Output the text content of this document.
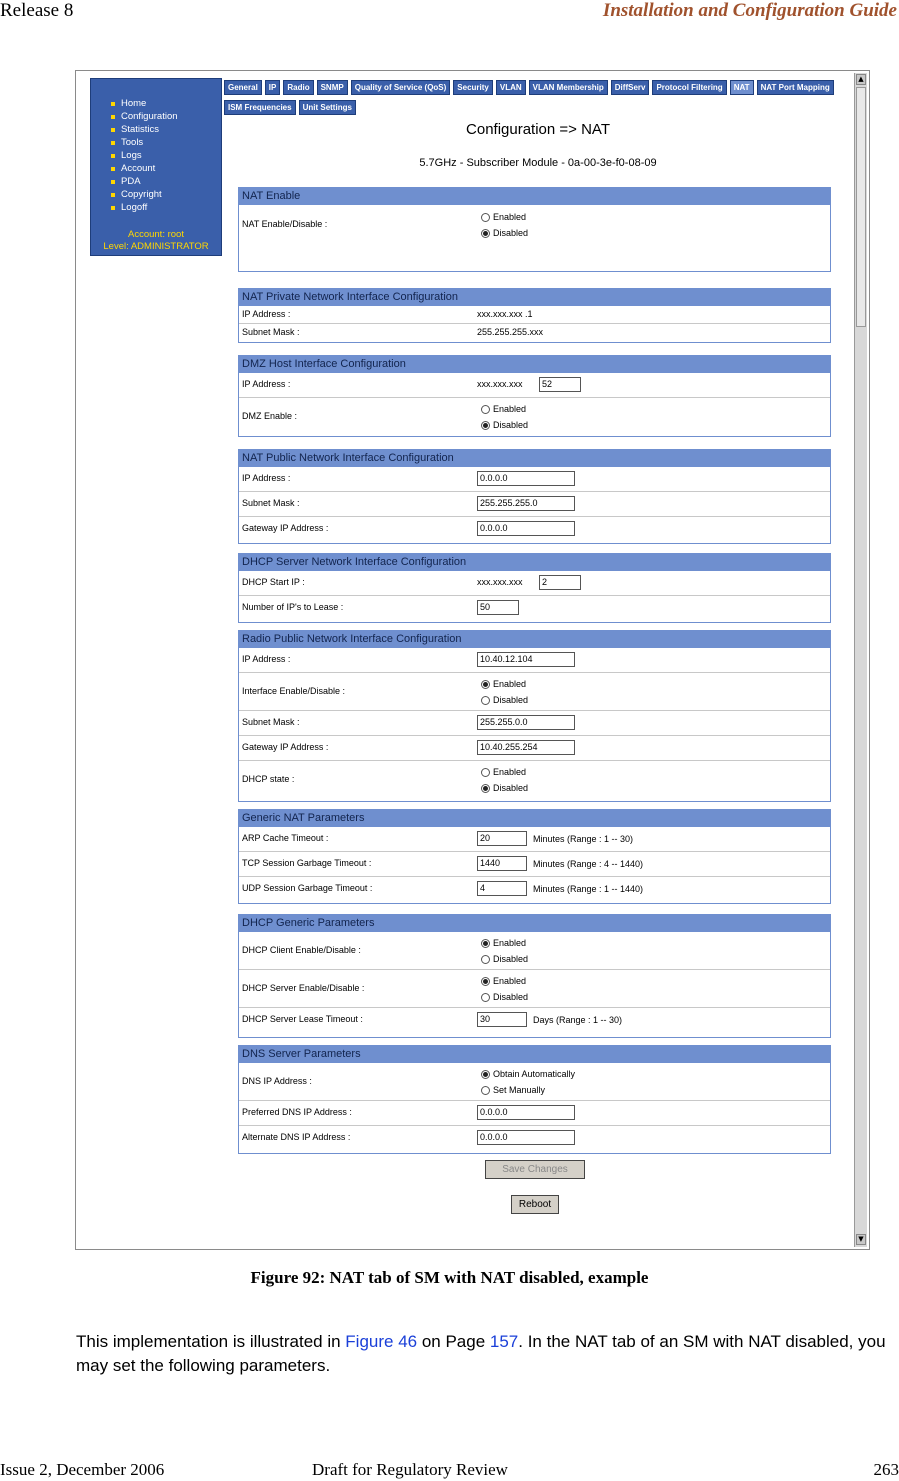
Release 8	Installation and Configuration Guide
Home
Configuration
Statistics
Tools
Logs
Account
PDA
Copyright
Logoff
Account: root
Level: ADMINISTRATOR
General IP Radio SNMP Quality of Service (QoS) Security VLAN VLAN Membership DiffServ Protocol Filtering NAT NAT Port MappingISM Frequencies Unit Settings
▲
▼
Configuration => NAT
5.7GHz - Subscriber Module - 0a-00-3e-f0-08-09
NAT Enable
NAT Enable/Disable :
Enabled
Disabled
NAT Private Network Interface Configuration
IP Address :	xxx.xxx.xxx .1
Subnet Mask :	255.255.255.xxx
DMZ Host Interface Configuration
IP Address :	xxx.xxx.xxx	52
DMZ Enable :
Enabled
Disabled
NAT Public Network Interface Configuration
IP Address :	0.0.0.0
Subnet Mask :	255.255.255.0
Gateway IP Address :	0.0.0.0
DHCP Server Network Interface Configuration
DHCP Start IP :	xxx.xxx.xxx	2
Number of IP's to Lease :	50
Radio Public Network Interface Configuration
IP Address :	10.40.12.104
Interface Enable/Disable :
Enabled
Disabled
Subnet Mask :	255.255.0.0
Gateway IP Address :	10.40.255.254
DHCP state :
Enabled
Disabled
Generic NAT Parameters
ARP Cache Timeout :	20	Minutes (Range : 1 -- 30)
TCP Session Garbage Timeout :	1440	Minutes (Range : 4 -- 1440)
UDP Session Garbage Timeout :	4	Minutes (Range : 1 -- 1440)
DHCP Generic Parameters
DHCP Client Enable/Disable :
Enabled
Disabled
DHCP Server Enable/Disable :
Enabled
Disabled
DHCP Server Lease Timeout :	30	Days (Range : 1 -- 30)
DNS Server Parameters
DNS IP Address :
Obtain Automatically
Set Manually
Preferred DNS IP Address :	0.0.0.0
Alternate DNS IP Address :	0.0.0.0
Save Changes
Reboot
Figure 92: NAT tab of SM with NAT disabled, example
This implementation is illustrated in Figure 46 on Page 157. In the NAT tab of an SM with NAT disabled, you may set the following parameters.
Issue 2, December 2006	Draft for Regulatory Review	263
